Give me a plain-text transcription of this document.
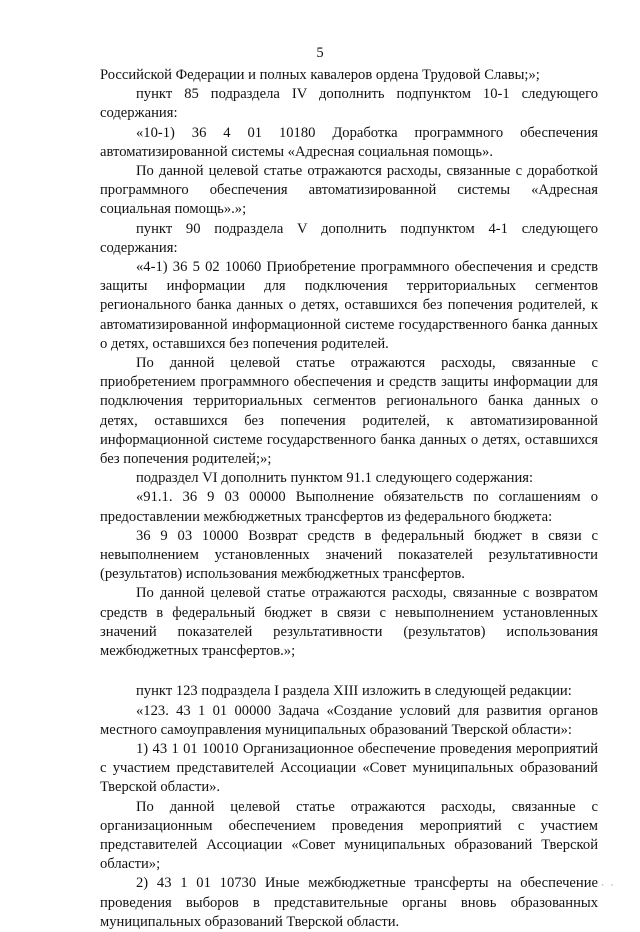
5

Российской Федерации и полных кавалеров ордена Трудовой Славы;»;

пункт 85 подраздела IV дополнить подпунктом 10-1 следующего содержания:

«10-1) 36 4 01 10180 Доработка программного обеспечения автоматизированной системы «Адресная социальная помощь».

По данной целевой статье отражаются расходы, связанные с доработкой программного обеспечения автоматизированной системы «Адресная социальная помощь».»;

пункт 90 подраздела V дополнить подпунктом 4-1 следующего содержания:

«4-1) 36 5 02 10060 Приобретение программного обеспечения и средств защиты информации для подключения территориальных сегментов регионального банка данных о детях, оставшихся без попечения родителей, к автоматизированной информационной системе государственного банка данных о детях, оставшихся без попечения родителей.

По данной целевой статье отражаются расходы, связанные с приобретением программного обеспечения и средств защиты информации для подключения территориальных сегментов регионального банка данных о детях, оставшихся без попечения родителей, к автоматизированной информационной системе государственного банка данных о детях, оставшихся без попечения родителей;»;

подраздел VI дополнить пунктом 91.1 следующего содержания:

«91.1. 36 9 03 00000 Выполнение обязательств по соглашениям о предоставлении межбюджетных трансфертов из федерального бюджета:

36 9 03 10000 Возврат средств в федеральный бюджет в связи с невыполнением установленных значений показателей результативности (результатов) использования межбюджетных трансфертов.

По данной целевой статье отражаются расходы, связанные с возвратом средств в федеральный бюджет в связи с невыполнением установленных значений показателей результативности (результатов) использования межбюджетных трансфертов.»;

пункт 123 подраздела I раздела XIII изложить в следующей редакции:

«123. 43 1 01 00000 Задача «Создание условий для развития органов местного самоуправления муниципальных образований Тверской области»:

1) 43 1 01 10010 Организационное обеспечение проведения мероприятий с участием представителей Ассоциации «Совет муниципальных образований Тверской области».

По данной целевой статье отражаются расходы, связанные с организационным обеспечением проведения мероприятий с участием представителей Ассоциации «Совет муниципальных образований Тверской области»;

2) 43 1 01 10730 Иные межбюджетные трансферты на обеспечение проведения выборов в представительные органы вновь образованных муниципальных образований Тверской области.

· · ·
